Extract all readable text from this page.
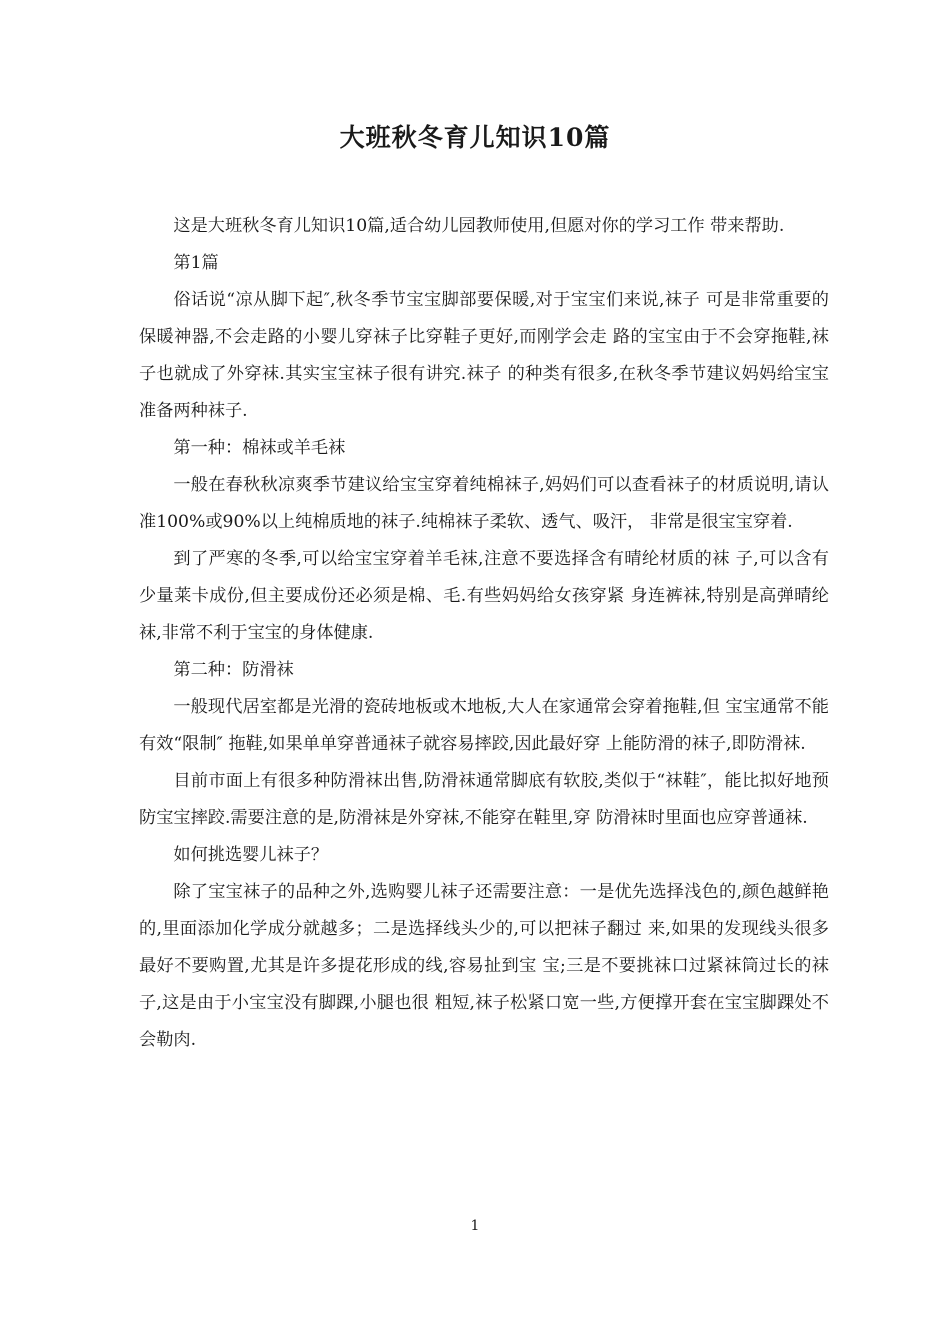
大班秋冬育儿知识10篇

这是大班秋冬育儿知识10篇,适合幼儿园教师使用,但愿对你的学习工作 带来帮助.

第1篇

俗话说“凉从脚下起″,秋冬季节宝宝脚部要保暖,对于宝宝们来说,袜子 可是非常重要的保暖神器,不会走路的小婴儿穿袜子比穿鞋子更好,而刚学会走 路的宝宝由于不会穿拖鞋,袜子也就成了外穿袜.其实宝宝袜子很有讲究.袜子 的种类有很多,在秋冬季节建议妈妈给宝宝准备两种袜子.

第一种：棉袜或羊毛袜

一般在春秋秋凉爽季节建议给宝宝穿着纯棉袜子,妈妈们可以查看袜子的材质说明,请认准100%或90%以上纯棉质地的袜子.纯棉袜子柔软、透气、吸汗， 非常是很宝宝穿着.

到了严寒的冬季,可以给宝宝穿着羊毛袜,注意不要选择含有晴纶材质的袜 子,可以含有少量莱卡成份,但主要成份还必须是棉、毛.有些妈妈给女孩穿紧 身连裤袜,特别是高弹晴纶袜,非常不利于宝宝的身体健康.

第二种：防滑袜

一般现代居室都是光滑的瓷砖地板或木地板,大人在家通常会穿着拖鞋,但 宝宝通常不能有效“限制″ 拖鞋,如果单单穿普通袜子就容易摔跤,因此最好穿 上能防滑的袜子,即防滑袜.

目前市面上有很多种防滑袜出售,防滑袜通常脚底有软胶,类似于“袜鞋″，能比拟好地预防宝宝摔跤.需要注意的是,防滑袜是外穿袜,不能穿在鞋里,穿 防滑袜时里面也应穿普通袜.

如何挑选婴儿袜子？

除了宝宝袜子的品种之外,选购婴儿袜子还需要注意：一是优先选择浅色的,颜色越鲜艳的,里面添加化学成分就越多；二是选择线头少的,可以把袜子翻过 来,如果的发现线头很多最好不要购置,尤其是许多提花形成的线,容易扯到宝 宝;三是不要挑袜口过紧袜筒过长的袜子,这是由于小宝宝没有脚踝,小腿也很 粗短,袜子松紧口宽一些,方便撑开套在宝宝脚踝处不会勒肉.

1
